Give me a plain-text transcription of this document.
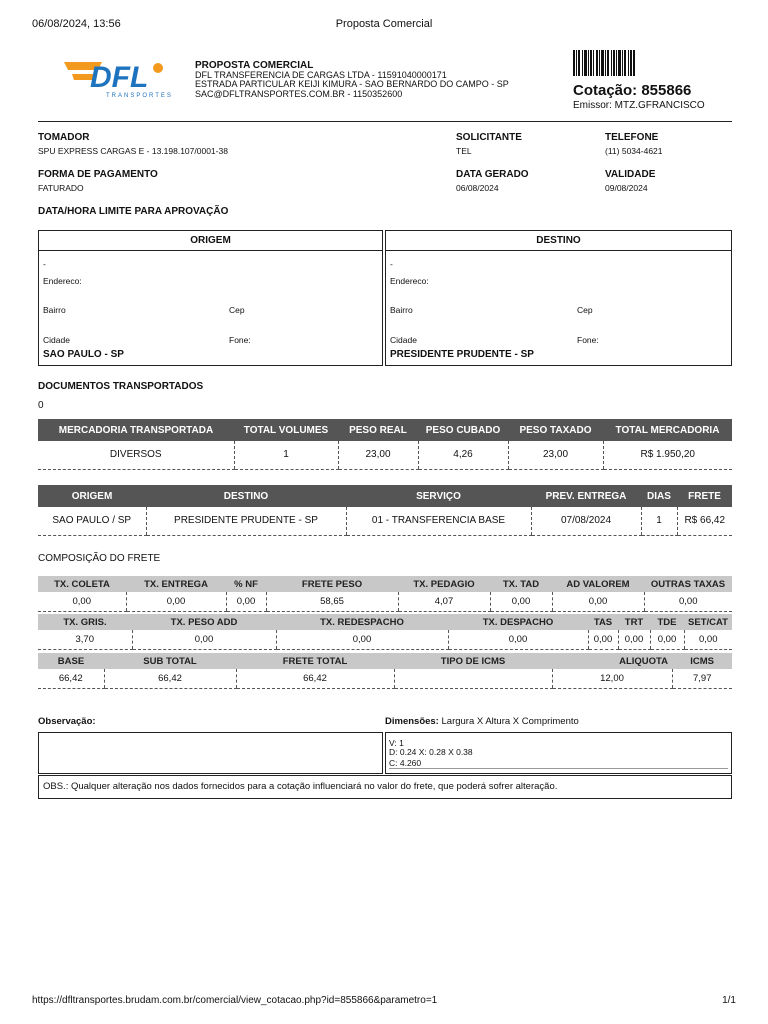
06/08/2024, 13:56	Proposta Comercial
DFL
TRANSPORTES
PROPOSTA COMERCIAL
DFL TRANSFERENCIA DE CARGAS LTDA - 11591040000171
ESTRADA PARTICULAR KEIJI KIMURA - SAO BERNARDO DO CAMPO - SP
SAC@DFLTRANSPORTES.COM.BR - 1150352600	Cotação: 855866
Emissor: MTZ.GFRANCISCO
TOMADOR
SPU EXPRESS CARGAS E - 13.198.107/0001-38
SOLICITANTE
TEL
TELEFONE
(11) 5034-4621
FORMA DE PAGAMENTO
FATURADO
DATA GERADO
06/08/2024
VALIDADE
09/08/2024
DATA/HORA LIMITE PARA APROVAÇÃO
ORIGEM
-
Endereco:
Bairro	Cep
Cidade	Fone:
SAO PAULO - SP
DESTINO
-
Endereco:
Bairro	Cep
Cidade	Fone:
PRESIDENTE PRUDENTE - SP
DOCUMENTOS TRANSPORTADOS
0
MERCADORIA TRANSPORTADA	TOTAL VOLUMES	PESO REAL	PESO CUBADO	PESO TAXADO	TOTAL MERCADORIA
DIVERSOS	1	23,00	4,26	23,00	R$ 1.950,20
ORIGEM	DESTINO	SERVIÇO	PREV. ENTREGA	DIAS	FRETE
SAO PAULO / SP	PRESIDENTE PRUDENTE - SP	01 - TRANSFERENCIA BASE	07/08/2024	1	R$ 66,42
COMPOSIÇÃO DO FRETE
TX. COLETA	TX. ENTREGA	% NF	FRETE PESO	TX. PEDAGIO	TX. TAD	AD VALOREM	OUTRAS TAXAS
0,00	0,00	0,00	58,65	4,07	0,00	0,00	0,00
TX. GRIS.	TX. PESO ADD	TX. REDESPACHO	TX. DESPACHO	TAS	TRT	TDE	SET/CAT
3,70	0,00	0,00	0,00	0,00	0,00	0,00	0,00
BASE	SUB TOTAL	FRETE TOTAL	TIPO DE ICMS	ALIQUOTA	ICMS
66,42	66,42	66,42		12,00	7,97
Observação:	Dimensões: Largura X Altura X Comprimento
V: 1
D: 0.24 X: 0.28 X 0.38
C: 4.260
OBS.: Qualquer alteração nos dados fornecidos para a cotação influenciará no valor do frete, que poderá sofrer alteração.
https://dfltransportes.brudam.com.br/comercial/view_cotacao.php?id=855866&parametro=1	1/1
